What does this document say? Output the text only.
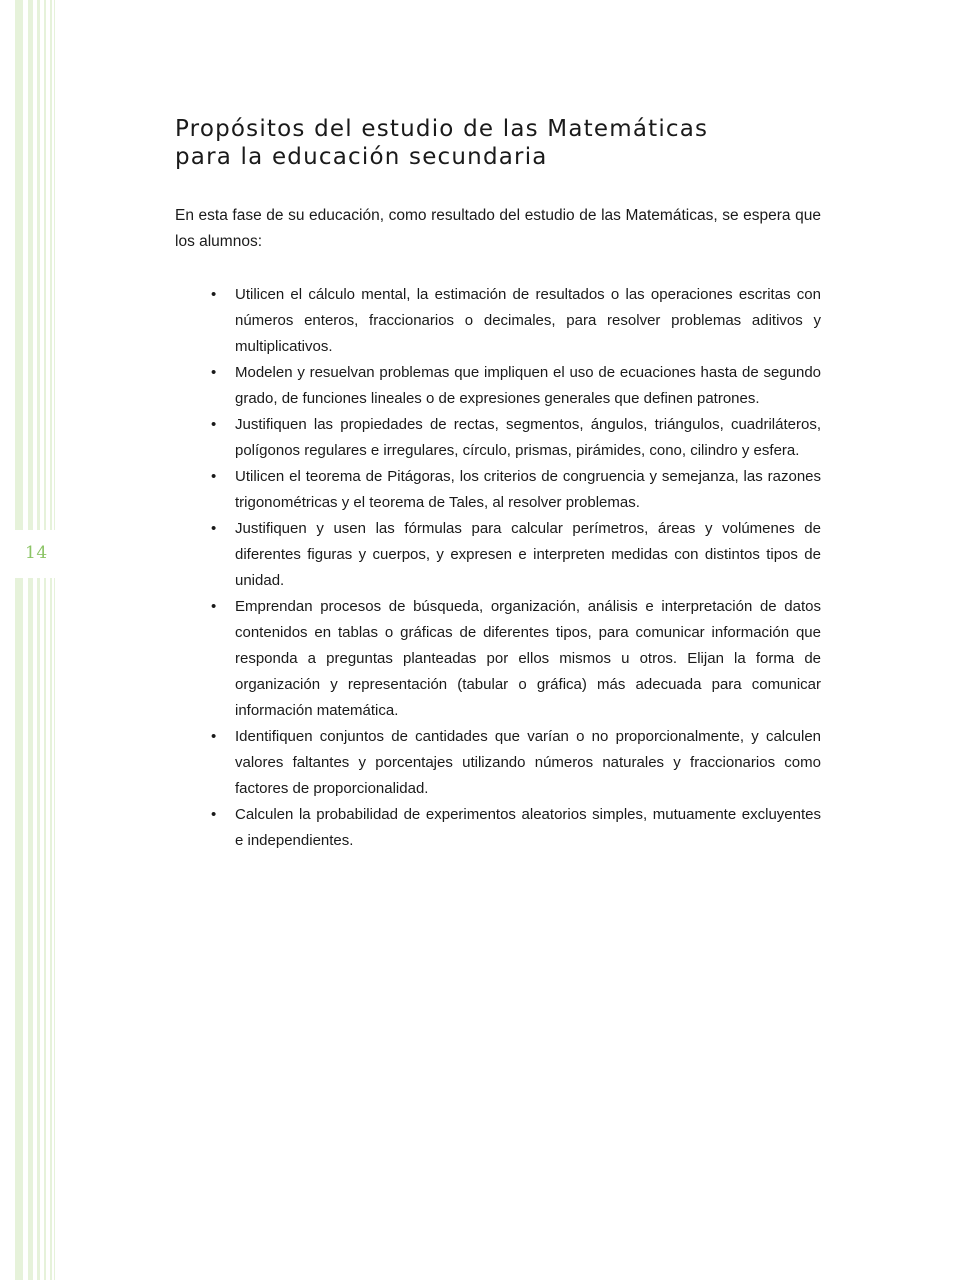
14
Propósitos del estudio de las Matemáticas
para la educación secundaria

En esta fase de su educación, como resultado del estudio de las Matemáticas, se espera que los alumnos:

• Utilicen el cálculo mental, la estimación de resultados o las operaciones escritas con números enteros, fraccionarios o decimales, para resolver problemas aditivos y multiplicativos.
• Modelen y resuelvan problemas que impliquen el uso de ecuaciones hasta de segundo grado, de funciones lineales o de expresiones generales que definen patrones.
• Justifiquen las propiedades de rectas, segmentos, ángulos, triángulos, cuadriláteros, polígonos regulares e irregulares, círculo, prismas, pirámides, cono, cilindro y esfera.
• Utilicen el teorema de Pitágoras, los criterios de congruencia y semejanza, las razones trigonométricas y el teorema de Tales, al resolver problemas.
• Justifiquen y usen las fórmulas para calcular perímetros, áreas y volúmenes de diferentes figuras y cuerpos, y expresen e interpreten medidas con distintos tipos de unidad.
• Emprendan procesos de búsqueda, organización, análisis e interpretación de datos contenidos en tablas o gráficas de diferentes tipos, para comunicar información que responda a preguntas planteadas por ellos mismos u otros. Elijan la forma de organización y representación (tabular o gráfica) más adecuada para comunicar información matemática.
• Identifiquen conjuntos de cantidades que varían o no proporcionalmente, y calculen valores faltantes y porcentajes utilizando números naturales y fraccionarios como factores de proporcionalidad.
• Calculen la probabilidad de experimentos aleatorios simples, mutuamente excluyentes e independientes.
